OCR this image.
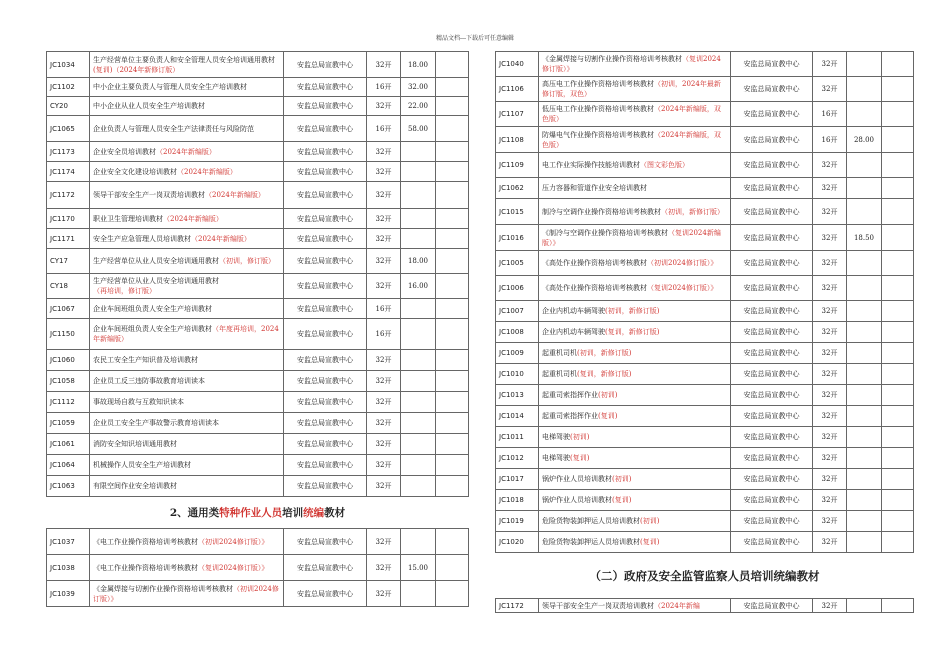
精品文档---下载后可任意编辑
JC1034	生产经营单位主要负责人和安全管理人员安全培训通用教材(复训)（2024年新修订版）	安监总局宣教中心	32开	18.00	
JC1102	中小企业主要负责人与管理人员安全生产培训教材	安监总局宣教中心	16开	32.00	
CY20	中小企业从业人员安全生产培训教材	安监总局宣教中心	32开	22.00	
JC1065	企业负责人与管理人员安全生产法律责任与风险防范	安监总局宣教中心	16开	58.00	
JC1173	企业安全员培训教材（2024年新编版）	安监总局宣教中心	32开		
JC1174	企业安全文化建设培训教材（2024年新编版）	安监总局宣教中心	32开		
JC1172	领导干部安全生产一岗双责培训教材（2024年新编版）	安监总局宣教中心	32开		
JC1170	职业卫生管理培训教材（2024年新编版）	安监总局宣教中心	32开		
JC1171	安全生产应急管理人员培训教材（2024年新编版）	安监总局宣教中心	32开		
CY17	生产经营单位从业人员安全培训通用教材（初训，修订版）	安监总局宣教中心	32开	18.00	
CY18	生产经营单位从业人员安全培训通用教材（再培训，修订版）	安监总局宣教中心	32开	16.00	
JC1067	企业车间班组负责人安全生产培训教材	安监总局宣教中心	16开		
JC1150	企业车间班组负责人安全生产培训教材（年度再培训，2024年新编版）	安监总局宣教中心	16开		
JC1060	农民工安全生产知识普及培训教材	安监总局宣教中心	32开		
JC1058	企业员工反三违防事故教育培训读本	安监总局宣教中心	32开		
JC1112	事故现场自救与互救知识读本	安监总局宣教中心	32开		
JC1059	企业员工安全生产事故警示教育培训读本	安监总局宣教中心	32开		
JC1061	消防安全知识培训通用教材	安监总局宣教中心	32开		
JC1064	机械操作人员安全生产培训教材	安监总局宣教中心	32开		
JC1063	有限空间作业安全培训教材	安监总局宣教中心	32开		
2、通用类特种作业人员培训统编教材					
JC1037	《电工作业操作资格培训考核教材（初训2024修订版）》	安监总局宣教中心	32开		
JC1038	《电工作业操作资格培训考核教材（复训2024修订版）》	安监总局宣教中心	32开	15.00	
JC1039	《金属焊接与切割作业操作资格培训考核教材（初训2024修订版）》	安监总局宣教中心	32开		
JC1040	《金属焊接与切割作业操作资格培训考核教材（复训2024修订版）》	安监总局宣教中心	32开		
JC1106	高压电工作业操作资格培训考核教材（初训，2024年最新修订版，双色）	安监总局宣教中心	32开		
JC1107	低压电工作业操作资格培训考核教材（2024年新编版，双色版）	安监总局宣教中心	16开		
JC1108	防爆电气作业操作资格培训考核教材（2024年新编版，双色版）	安监总局宣教中心	16开	28.00	
JC1109	电工作业实际操作技能培训教材（图文彩色版）	安监总局宣教中心	32开		
JC1062	压力容器和管道作业安全培训教材	安监总局宣教中心	32开		
JC1015	制冷与空调作业操作资格培训考核教材（初训，新修订版）	安监总局宣教中心	32开		
JC1016	《制冷与空调作业操作资格培训考核教材（复训2024新编版）》	安监总局宣教中心	32开	18.50	
JC1005	《高处作业操作资格培训考核教材（初训2024修订版）》	安监总局宣教中心	32开		
JC1006	《高处作业操作资格培训考核教材（复训2024修订版）》	安监总局宣教中心	32开		
JC1007	企业内机动车辆驾驶(初训，新修订版)	安监总局宣教中心	32开		
JC1008	企业内机动车辆驾驶(复训，新修订版)	安监总局宣教中心	32开		
JC1009	起重机司机(初训，新修订版)	安监总局宣教中心	32开		
JC1010	起重机司机(复训，新修订版)	安监总局宣教中心	32开		
JC1013	起重司索指挥作业(初训)	安监总局宣教中心	32开		
JC1014	起重司索指挥作业(复训)	安监总局宣教中心	32开		
JC1011	电梯驾驶(初训)	安监总局宣教中心	32开		
JC1012	电梯驾驶(复训)	安监总局宣教中心	32开		
JC1017	锅炉作业人员培训教材(初训)	安监总局宣教中心	32开		
JC1018	锅炉作业人员培训教材(复训)	安监总局宣教中心	32开		
JC1019	危险货物装卸押运人员培训教材(初训)	安监总局宣教中心	32开		
JC1020	危险货物装卸押运人员培训教材(复训)	安监总局宣教中心	32开		
（二）政府及安全监管监察人员培训统编教材					
JC1172	领导干部安全生产一岗双责培训教材（2024年新编	安监总局宣教中心	32开		
